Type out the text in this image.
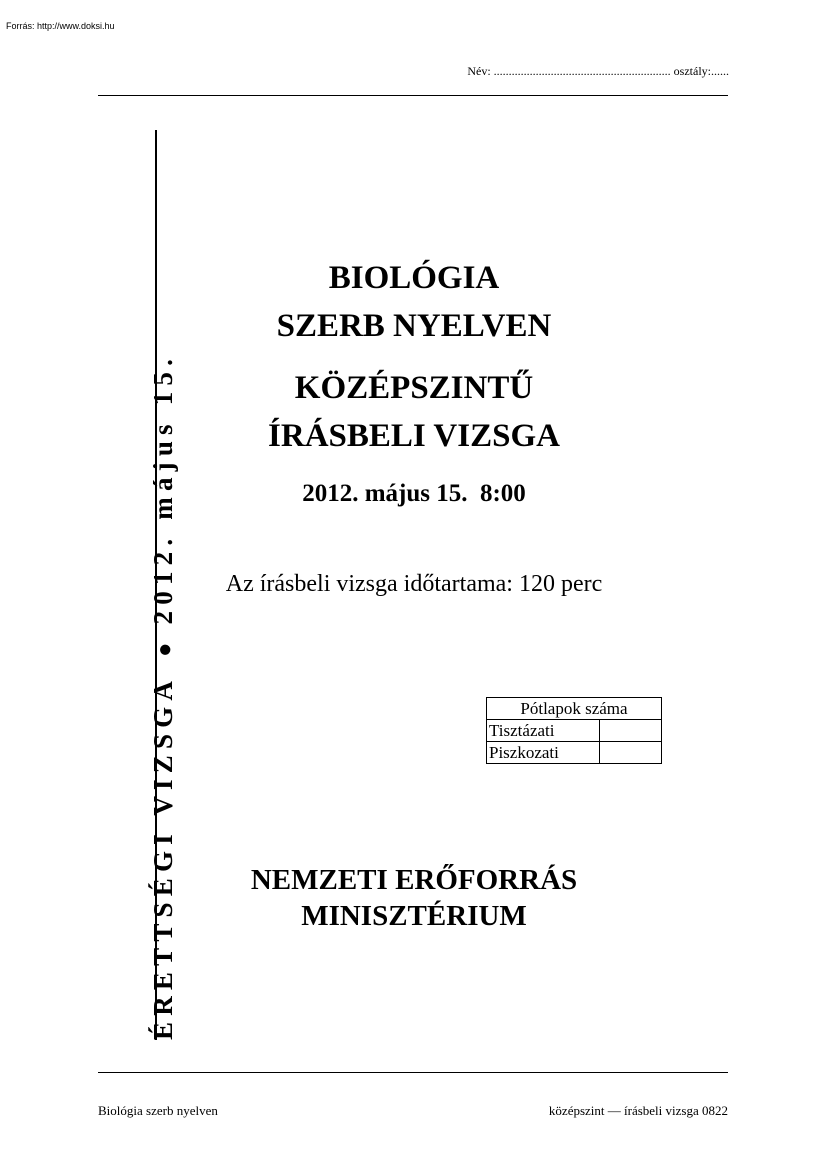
Forrás: http://www.doksi.hu
Név: ........................................................... osztály:......
ÉRETTSÉGI VIZSGA●2012. május 15.
BIOLÓGIA
SZERB NYELVEN
KÖZÉPSZINTŰ
ÍRÁSBELI VIZSGA
2012. május 15.  8:00
Az írásbeli vizsga időtartama: 120 perc
Pótlapok száma	
Tisztázati	
Piszkozati	
NEMZETI ERŐFORRÁS
MINISZTÉRIUM
Biológia szerb nyelven	középszint — írásbeli vizsga 0822
